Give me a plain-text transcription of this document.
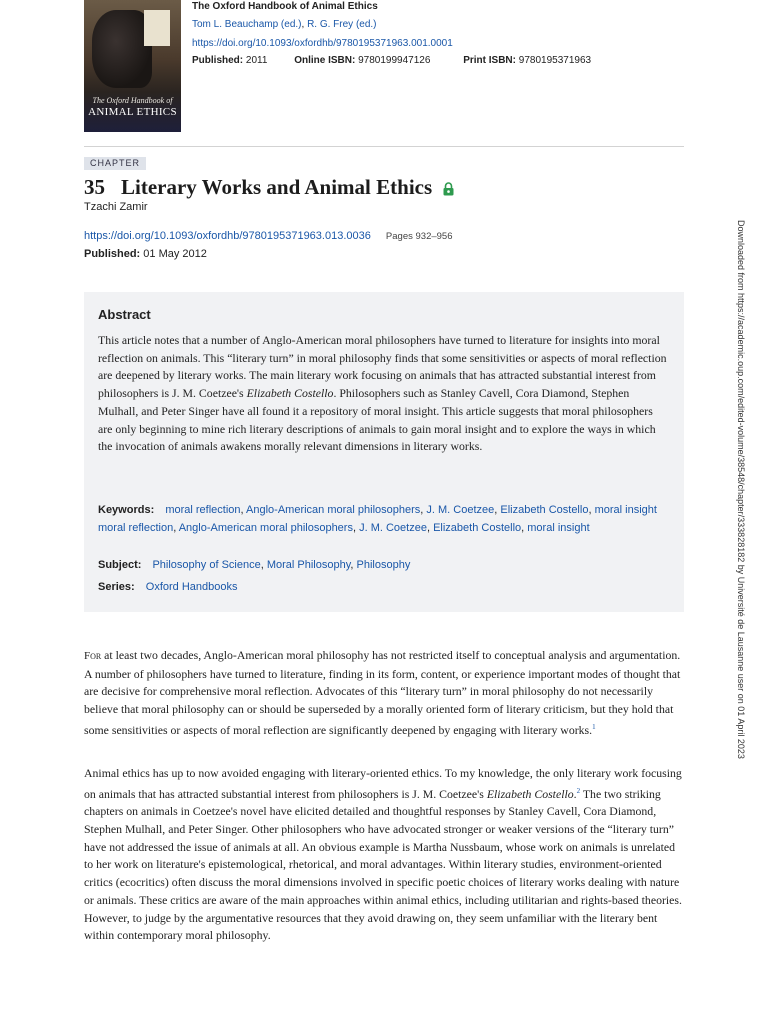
The Oxford Handbook of
ANIMAL ETHICS
The Oxford Handbook of Animal Ethics
Tom L. Beauchamp (ed.), R. G. Frey (ed.)
https://doi.org/10.1093/oxfordhb/9780195371963.001.0001
Published: 2011	Online ISBN: 9780199947126	Print ISBN: 9780195371963
CHAPTER
35 Literary Works and Animal Ethics
Tzachi Zamir
https://doi.org/10.1093/oxfordhb/9780195371963.013.0036 Pages 932–956
Published: 01 May 2012
Abstract
This article notes that a number of Anglo-American moral philosophers have turned to literature for insights into moral reflection on animals. This “literary turn” in moral philosophy finds that some sensitivities or aspects of moral reflection are deepened by literary works. The main literary work focusing on animals that has attracted substantial interest from philosophers is J. M. Coetzee's Elizabeth Costello. Philosophers such as Stanley Cavell, Cora Diamond, Stephen Mulhall, and Peter Singer have all found it a repository of moral insight. This article suggests that moral philosophers are only beginning to mine rich literary descriptions of animals to gain moral insight and to explore the ways in which the invocation of animals awakens morally relevant dimensions in literary works.
Keywords: moral reflection, Anglo-American moral philosophers, J. M. Coetzee, Elizabeth Costello, moral insight moral reflection, Anglo-American moral philosophers, J. M. Coetzee, Elizabeth Costello, moral insight
Subject: Philosophy of Science, Moral Philosophy, Philosophy
Series: Oxford Handbooks
For at least two decades, Anglo-American moral philosophy has not restricted itself to conceptual analysis and argumentation. A number of philosophers have turned to literature, finding in its form, content, or experience important modes of thought that are decisive for comprehensive moral reflection. Advocates of this “literary turn” in moral philosophy do not necessarily believe that moral philosophy can or should be superseded by a morally oriented form of literary criticism, but they hold that some sensitivities or aspects of moral reflection are significantly deepened by engaging with literary works.$^1$
Animal ethics has up to now avoided engaging with literary-oriented ethics. To my knowledge, the only literary work focusing on animals that has attracted substantial interest from philosophers is J. M. Coetzee's Elizabeth Costello.$^2$ The two striking chapters on animals in Coetzee's novel have elicited detailed and thoughtful responses by Stanley Cavell, Cora Diamond, Stephen Mulhall, and Peter Singer. Other philosophers who have advocated stronger or weaker versions of the “literary turn” have not addressed the issue of animals at all. An obvious example is Martha Nussbaum, whose work on animals is unrelated to her work on literature's epistemological, rhetorical, and moral advantages. Within literary studies, environment-oriented critics (ecocritics) often discuss the moral dimensions involved in specific poetic choices of literary works dealing with nature or animals. These critics are aware of the main approaches within animal ethics, including utilitarian and rights-based theories. However, to judge by the argumentative resources that they avoid drawing on, they seem unfamiliar with the literary bent within contemporary moral philosophy.
Downloaded from https://academic.oup.com/edited-volume/38548/chapter/333828182 by Université de Lausanne user on 01 April 2023
